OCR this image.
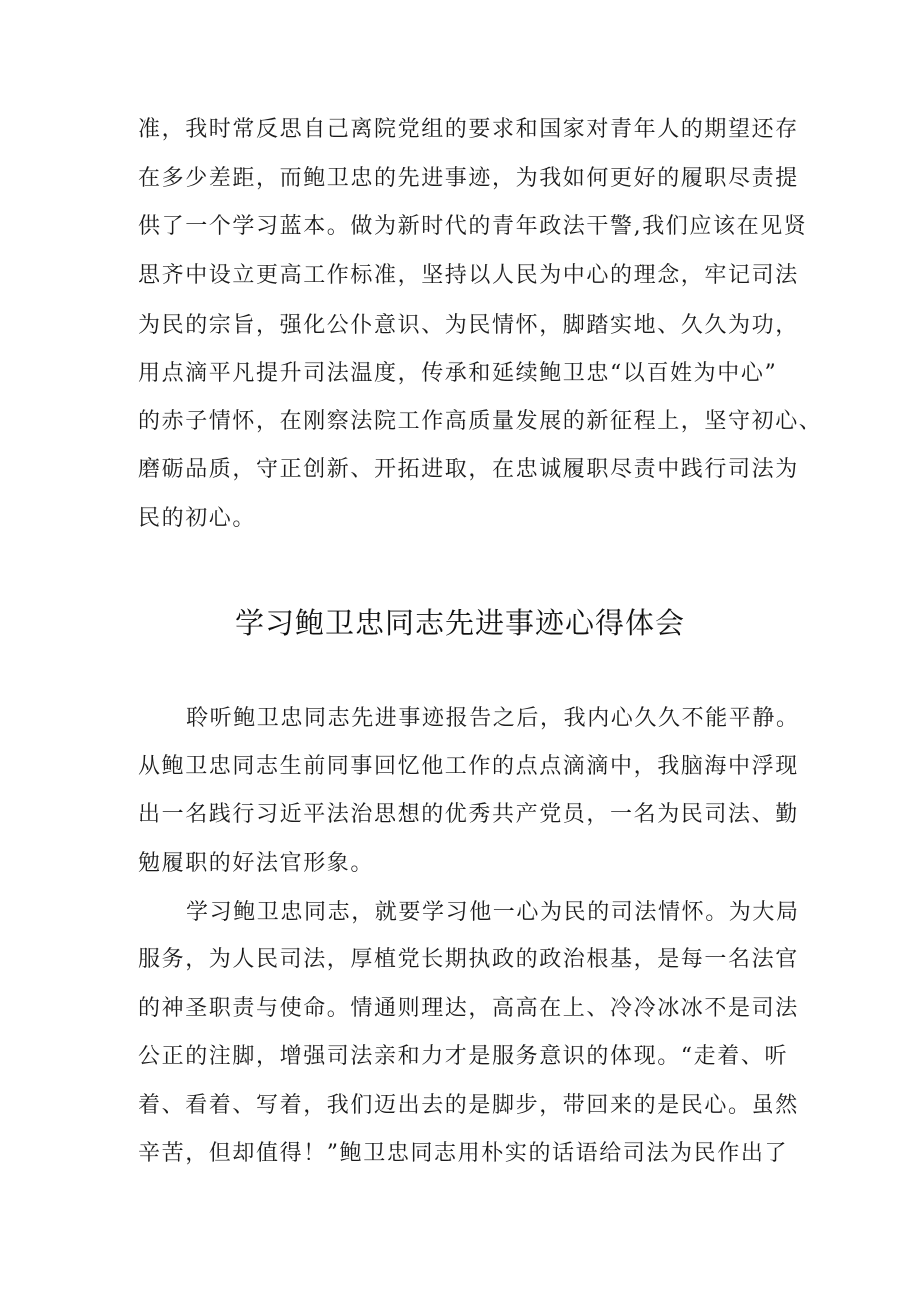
准，我时常反思自己离院党组的要求和国家对青年人的期望还存
在多少差距，而鲍卫忠的先进事迹，为我如何更好的履职尽责提
供了一个学习蓝本。做为新时代的青年政法干警,我们应该在见贤
思齐中设立更高工作标准，坚持以人民为中心的理念，牢记司法
为民的宗旨，强化公仆意识、为民情怀，脚踏实地、久久为功，
用点滴平凡提升司法温度，传承和延续鲍卫忠“以百姓为中心”
的赤子情怀，在刚察法院工作高质量发展的新征程上，坚守初心、
磨砺品质，守正创新、开拓进取，在忠诚履职尽责中践行司法为
民的初心。
学习鲍卫忠同志先进事迹心得体会
聆听鲍卫忠同志先进事迹报告之后，我内心久久不能平静。
从鲍卫忠同志生前同事回忆他工作的点点滴滴中，我脑海中浮现
出一名践行习近平法治思想的优秀共产党员，一名为民司法、勤
勉履职的好法官形象。
学习鲍卫忠同志，就要学习他一心为民的司法情怀。为大局
服务，为人民司法，厚植党长期执政的政治根基，是每一名法官
的神圣职责与使命。情通则理达，高高在上、冷冷冰冰不是司法
公正的注脚，增强司法亲和力才是服务意识的体现。“走着、听
着、看着、写着，我们迈出去的是脚步，带回来的是民心。虽然
辛苦，但却值得！”鲍卫忠同志用朴实的话语给司法为民作出了
